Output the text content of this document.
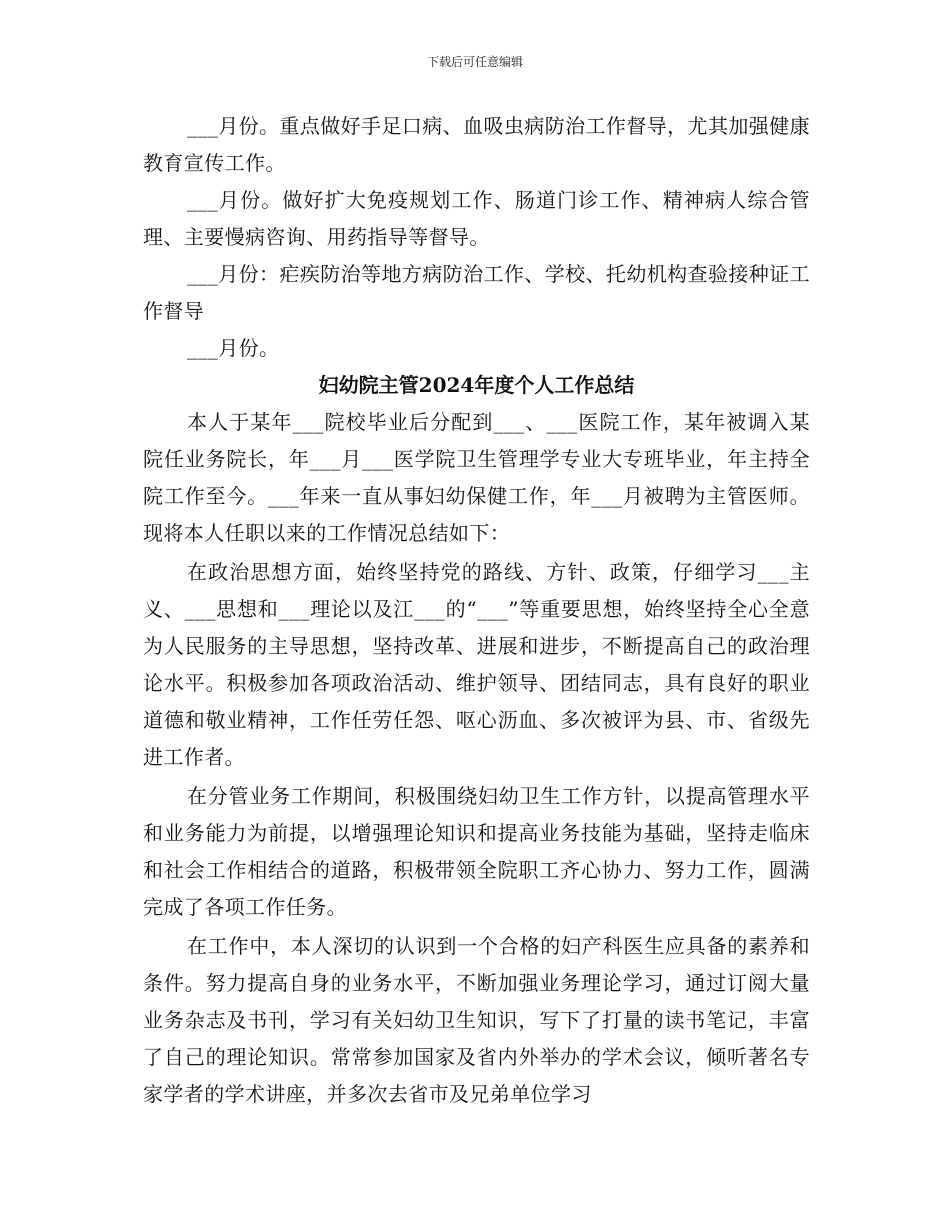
下载后可任意编辑

___月份。重点做好手足口病、血吸虫病防治工作督导，尤其加强健康教育宣传工作。

___月份。做好扩大免疫规划工作、肠道门诊工作、精神病人综合管理、主要慢病咨询、用药指导等督导。

___月份：疟疾防治等地方病防治工作、学校、托幼机构查验接种证工作督导

___月份。

妇幼院主管2024年度个人工作总结

本人于某年___院校毕业后分配到___、___医院工作，某年被调入某院任业务院长，年___月___医学院卫生管理学专业大专班毕业，年主持全院工作至今。___年来一直从事妇幼保健工作，年___月被聘为主管医师。现将本人任职以来的工作情况总结如下：

在政治思想方面，始终坚持党的路线、方针、政策，仔细学习___主义、___思想和___理论以及江___的“___”等重要思想，始终坚持全心全意为人民服务的主导思想，坚持改革、进展和进步，不断提高自己的政治理论水平。积极参加各项政治活动、维护领导、团结同志，具有良好的职业道德和敬业精神，工作任劳任怨、呕心沥血、多次被评为县、市、省级先进工作者。

在分管业务工作期间，积极围绕妇幼卫生工作方针，以提高管理水平和业务能力为前提，以增强理论知识和提高业务技能为基础，坚持走临床和社会工作相结合的道路，积极带领全院职工齐心协力、努力工作，圆满完成了各项工作任务。

在工作中，本人深切的认识到一个合格的妇产科医生应具备的素养和条件。努力提高自身的业务水平，不断加强业务理论学习，通过订阅大量业务杂志及书刊，学习有关妇幼卫生知识，写下了打量的读书笔记，丰富了自己的理论知识。常常参加国家及省内外举办的学术会议，倾听著名专家学者的学术讲座，并多次去省市及兄弟单位学习
